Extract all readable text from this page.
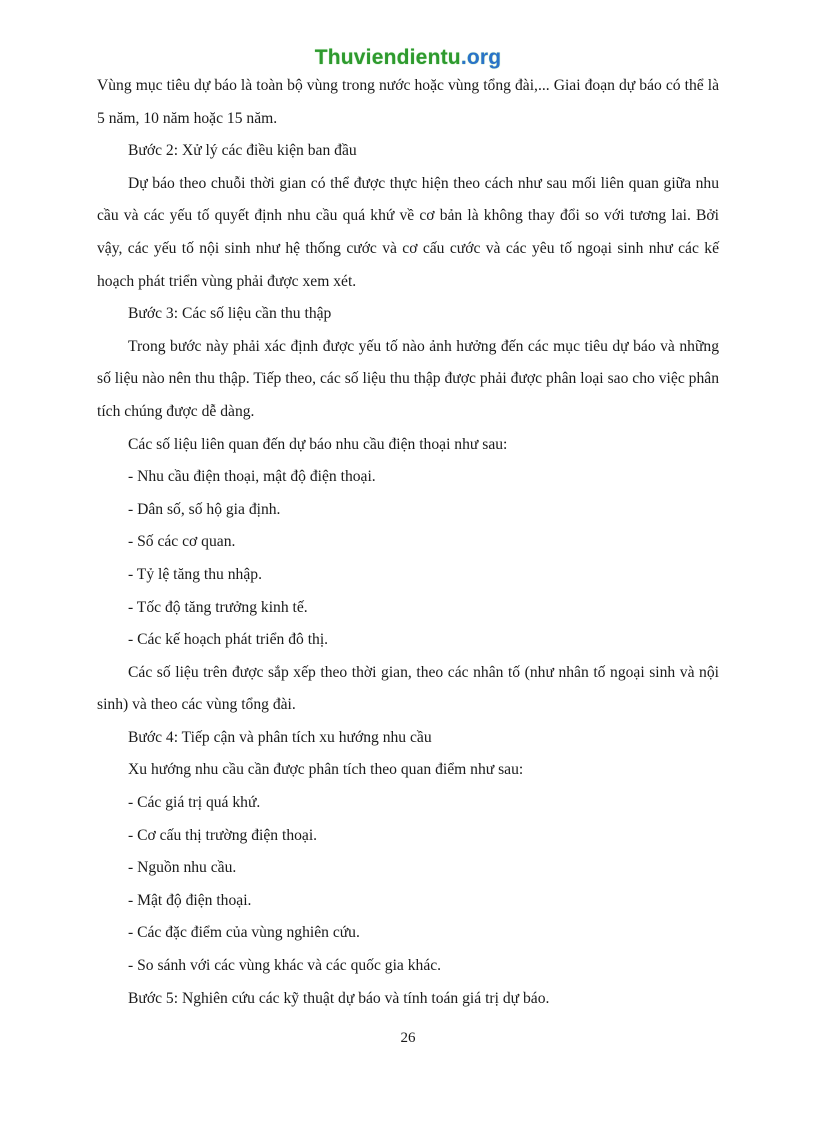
Thuviendientu.org

Vùng mục tiêu dự báo là toàn bộ vùng trong nước hoặc vùng tổng đài,... Giai đoạn dự báo có thể là 5 năm, 10 năm hoặc 15 năm.

Bước 2: Xử lý các điều kiện ban đầu

Dự báo theo chuỗi thời gian có thể được thực hiện theo cách như sau mối liên quan giữa nhu cầu và các yếu tố quyết định nhu cầu quá khứ về cơ bản là không thay đổi so với tương lai. Bởi vậy, các yếu tố nội sinh như hệ thống cước và cơ cấu cước và các yêu tố ngoại sinh như các kế hoạch phát triển vùng phải được xem xét.

Bước 3: Các số liệu cần thu thập

Trong bước này phải xác định được yếu tố nào ảnh hưởng đến các mục tiêu dự báo và những số liệu nào nên thu thập. Tiếp theo, các số liệu thu thập được phải được phân loại sao cho việc phân tích chúng được dễ dàng.

Các số liệu liên quan đến dự báo nhu cầu điện thoại như sau:

- Nhu cầu điện thoại, mật độ điện thoại.

- Dân số, số hộ gia định.

- Số các cơ quan.

- Tỷ lệ tăng thu nhập.

- Tốc độ tăng trưởng kinh tế.

- Các kế hoạch phát triển đô thị.

Các số liệu trên được sắp xếp theo thời gian, theo các nhân tố (như nhân tố ngoại sinh và nội sinh) và theo các vùng tổng đài.

Bước 4: Tiếp cận và phân tích xu hướng nhu cầu

Xu hướng nhu cầu cần được phân tích theo quan điểm như sau:

- Các giá trị quá khứ.

- Cơ cấu thị trường điện thoại.

- Nguồn nhu cầu.

- Mật độ điện thoại.

- Các đặc điểm của vùng nghiên cứu.

- So sánh với các vùng khác và các quốc gia khác.

Bước 5: Nghiên cứu các kỹ thuật dự báo và tính toán giá trị dự báo.

26
